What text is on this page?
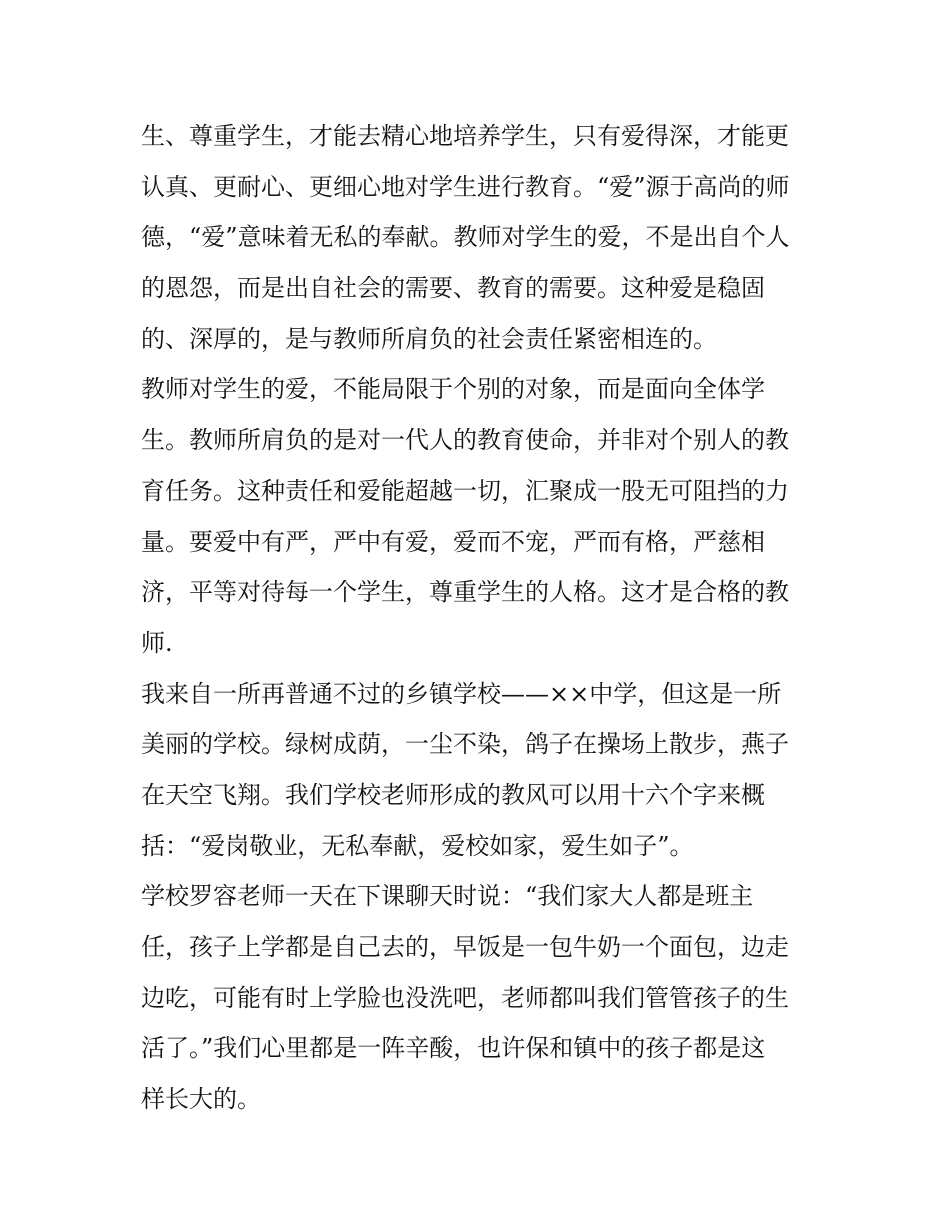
生、尊重学生，才能去精心地培养学生，只有爱得深，才能更
认真、更耐心、更细心地对学生进行教育。“爱”源于高尚的师
德，“爱”意味着无私的奉献。教师对学生的爱，不是出自个人
的恩怨，而是出自社会的需要、教育的需要。这种爱是稳固
的、深厚的，是与教师所肩负的社会责任紧密相连的。
教师对学生的爱，不能局限于个别的对象，而是面向全体学
生。教师所肩负的是对一代人的教育使命，并非对个别人的教
育任务。这种责任和爱能超越一切，汇聚成一股无可阻挡的力
量。要爱中有严，严中有爱，爱而不宠，严而有格，严慈相
济，平等对待每一个学生，尊重学生的人格。这才是合格的教
师.
我来自一所再普通不过的乡镇学校——××中学，但这是一所
美丽的学校。绿树成荫，一尘不染，鸽子在操场上散步，燕子
在天空飞翔。我们学校老师形成的教风可以用十六个字来概
括：“爱岗敬业，无私奉献，爱校如家，爱生如子”。
学校罗容老师一天在下课聊天时说：“我们家大人都是班主
任，孩子上学都是自己去的，早饭是一包牛奶一个面包，边走
边吃，可能有时上学脸也没洗吧，老师都叫我们管管孩子的生
活了。”我们心里都是一阵辛酸，也许保和镇中的孩子都是这
样长大的。
